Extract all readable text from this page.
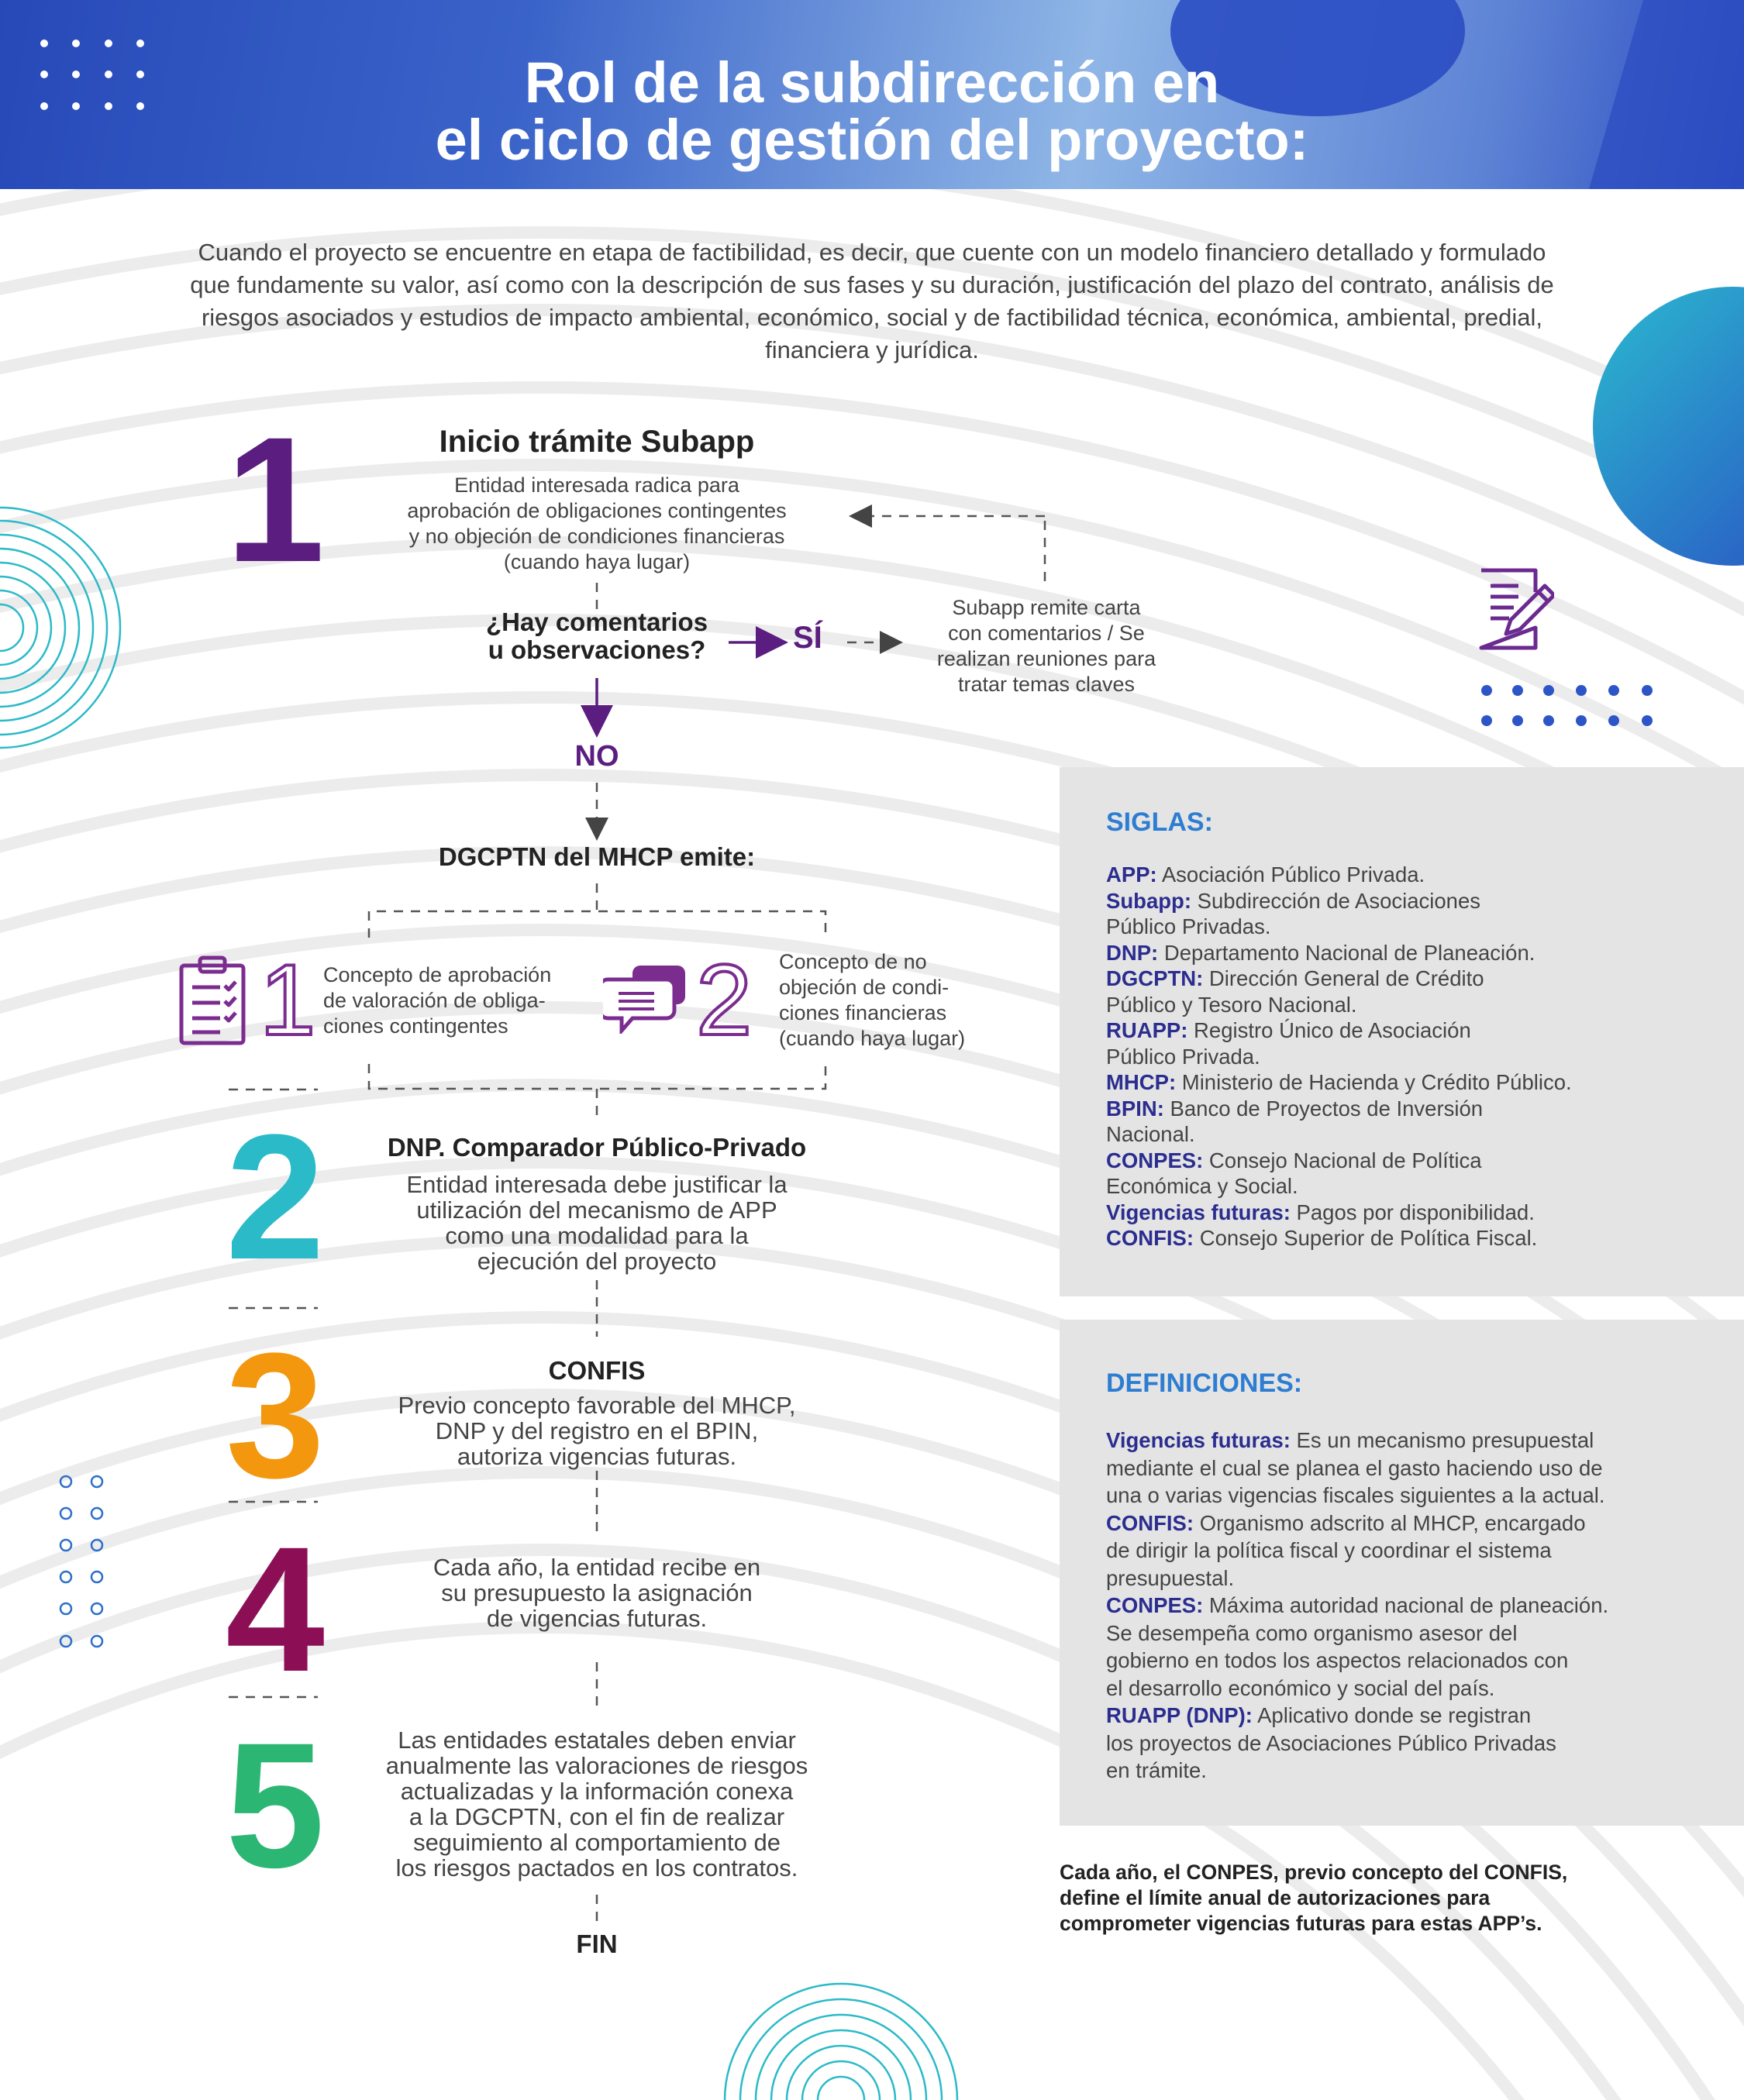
Rol de la subdirección en
el ciclo de gestión del proyecto:
Cuando el proyecto se encuentre en etapa de factibilidad, es decir, que cuente con un modelo financiero detallado y formulado que fundamente su valor, así como con la descripción de sus fases y su duración, justificación del plazo del contrato, análisis de riesgos asociados y estudios de impacto ambiental, económico, social y de factibilidad técnica, económica, ambiental, predial, financiera y jurídica.
1	Inicio trámite Subapp
Entidad interesada radica para
aprobación de obligaciones contingentes
y no objeción de condiciones financieras
(cuando haya lugar)
¿Hay comentarios
u observaciones?	SÍ
Subapp remite carta
con comentarios / Se
realizan reuniones para
tratar temas claves
NO
DGCPTN del MHCP emite:
1 Concepto de aprobación
de valoración de obliga-
ciones contingentes	2 Concepto de no
objeción de condi-
ciones financieras
(cuando haya lugar)
2	DNP. Comparador Público-Privado
Entidad interesada debe justificar la
utilización del mecanismo de APP
como una modalidad para la
ejecución del proyecto
3	CONFIS
Previo concepto favorable del MHCP,
DNP y del registro en el BPIN,
autoriza vigencias futuras.
4	Cada año, la entidad recibe en
su presupuesto la asignación
de vigencias futuras.
5	Las entidades estatales deben enviar
anualmente las valoraciones de riesgos
actualizadas y la información conexa
a la DGCPTN, con el fin de realizar
seguimiento al comportamiento de
los riesgos pactados en los contratos.
FIN
SIGLAS:
APP: Asociación Público Privada.
Subapp: Subdirección de Asociaciones
Público Privadas.
DNP: Departamento Nacional de Planeación.
DGCPTN: Dirección General de Crédito
Público y Tesoro Nacional.
RUAPP: Registro Único de Asociación
Público Privada.
MHCP: Ministerio de Hacienda y Crédito Público.
BPIN: Banco de Proyectos de Inversión
Nacional.
CONPES: Consejo Nacional de Política
Económica y Social.
Vigencias futuras: Pagos por disponibilidad.
CONFIS: Consejo Superior de Política Fiscal.
DEFINICIONES:
Vigencias futuras: Es un mecanismo presupuestal
mediante el cual se planea el gasto haciendo uso de
una o varias vigencias fiscales siguientes a la actual.
CONFIS: Organismo adscrito al MHCP, encargado
de dirigir la política fiscal y coordinar el sistema
presupuestal.
CONPES: Máxima autoridad nacional de planeación.
Se desempeña como organismo asesor del
gobierno en todos los aspectos relacionados con
el desarrollo económico y social del país.
RUAPP (DNP): Aplicativo donde se registran
los proyectos de Asociaciones Público Privadas
en trámite.
Cada año, el CONPES, previo concepto del CONFIS,
define el límite anual de autorizaciones para
comprometer vigencias futuras para estas APP’s.
